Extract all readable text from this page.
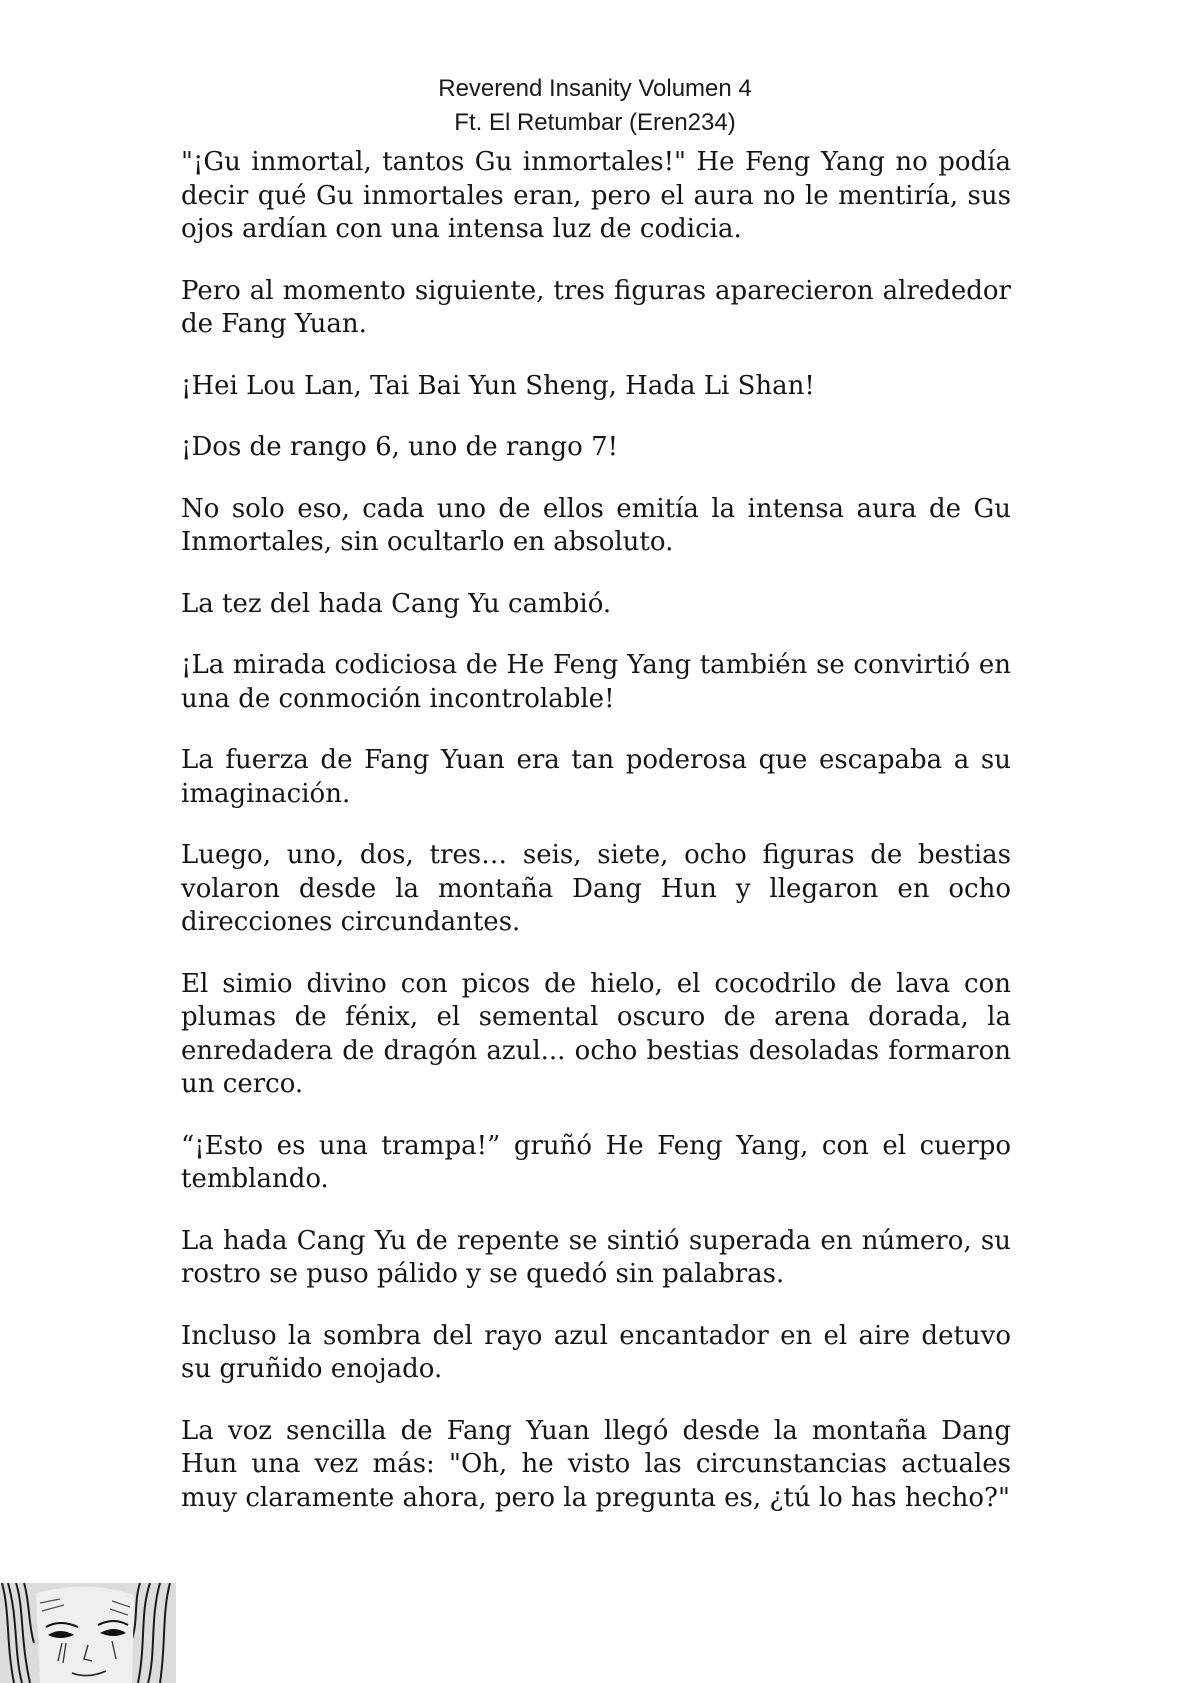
Reverend Insanity Volumen 4
Ft. El Retumbar (Eren234)

"¡Gu inmortal, tantos Gu inmortales!" He Feng Yang no podía decir qué Gu inmortales eran, pero el aura no le mentiría, sus ojos ardían con una intensa luz de codicia.

Pero al momento siguiente, tres figuras aparecieron alrededor de Fang Yuan.

¡Hei Lou Lan, Tai Bai Yun Sheng, Hada Li Shan!

¡Dos de rango 6, uno de rango 7!

No solo eso, cada uno de ellos emitía la intensa aura de Gu Inmortales, sin ocultarlo en absoluto.

La tez del hada Cang Yu cambió.

¡La mirada codiciosa de He Feng Yang también se convirtió en una de conmoción incontrolable!

La fuerza de Fang Yuan era tan poderosa que escapaba a su imaginación.

Luego, uno, dos, tres… seis, siete, ocho figuras de bestias volaron desde la montaña Dang Hun y llegaron en ocho direcciones circundantes.

El simio divino con picos de hielo, el cocodrilo de lava con plumas de fénix, el semental oscuro de arena dorada, la enredadera de dragón azul... ocho bestias desoladas formaron un cerco.

“¡Esto es una trampa!” gruñó He Feng Yang, con el cuerpo temblando.

La hada Cang Yu de repente se sintió superada en número, su rostro se puso pálido y se quedó sin palabras.

Incluso la sombra del rayo azul encantador en el aire detuvo su gruñido enojado.

La voz sencilla de Fang Yuan llegó desde la montaña Dang Hun una vez más: "Oh, he visto las circunstancias actuales muy claramente ahora, pero la pregunta es, ¿tú lo has hecho?"
